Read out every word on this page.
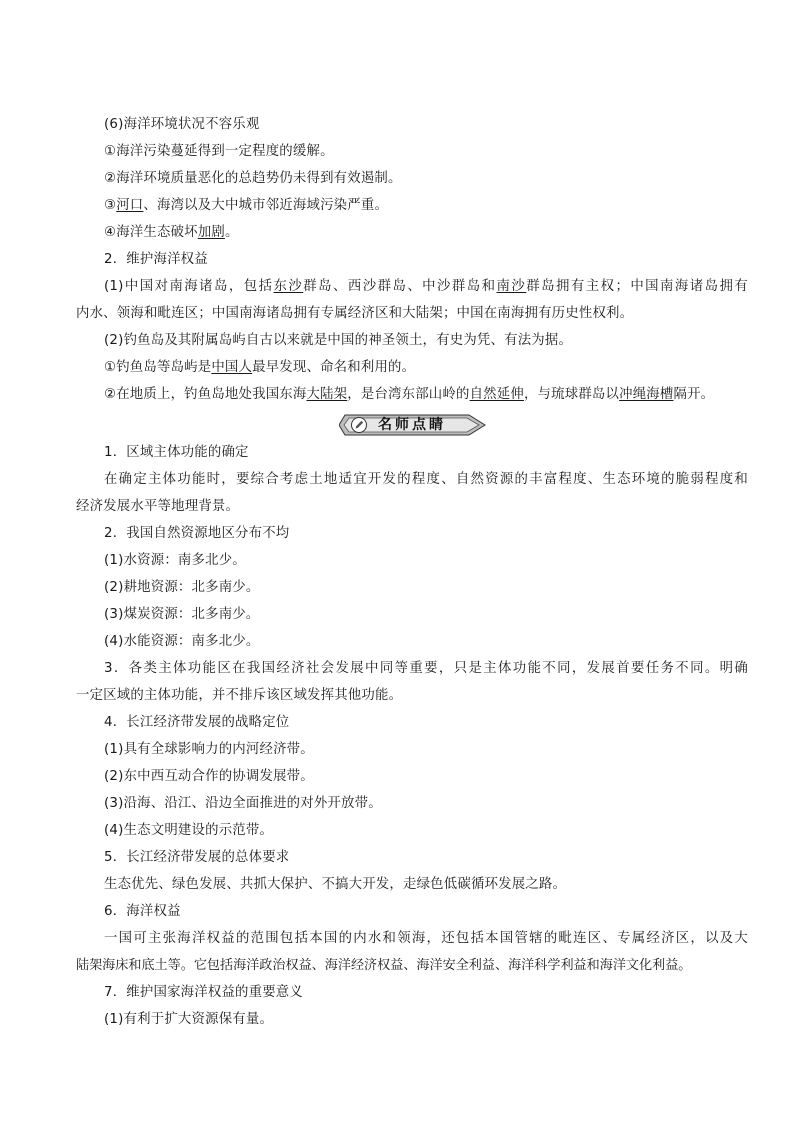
(6)海洋环境状况不容乐观
①海洋污染蔓延得到一定程度的缓解。
②海洋环境质量恶化的总趋势仍未得到有效遏制。
③河口、海湾以及大中城市邻近海域污染严重。
④海洋生态破坏加剧。
2．维护海洋权益
(1)中国对南海诸岛，包括东沙群岛、西沙群岛、中沙群岛和南沙群岛拥有主权；中国南海诸岛拥有
内水、领海和毗连区；中国南海诸岛拥有专属经济区和大陆架；中国在南海拥有历史性权利。
(2)钓鱼岛及其附属岛屿自古以来就是中国的神圣领土，有史为凭、有法为据。
①钓鱼岛等岛屿是中国人最早发现、命名和利用的。
②在地质上，钓鱼岛地处我国东海大陆架，是台湾东部山岭的自然延伸，与琉球群岛以冲绳海槽隔开。
名师点睛
1．区域主体功能的确定
在确定主体功能时，要综合考虑土地适宜开发的程度、自然资源的丰富程度、生态环境的脆弱程度和
经济发展水平等地理背景。
2．我国自然资源地区分布不均
(1)水资源：南多北少。
(2)耕地资源：北多南少。
(3)煤炭资源：北多南少。
(4)水能资源：南多北少。
3．各类主体功能区在我国经济社会发展中同等重要，只是主体功能不同，发展首要任务不同。明确
一定区域的主体功能，并不排斥该区域发挥其他功能。
4．长江经济带发展的战略定位
(1)具有全球影响力的内河经济带。
(2)东中西互动合作的协调发展带。
(3)沿海、沿江、沿边全面推进的对外开放带。
(4)生态文明建设的示范带。
5．长江经济带发展的总体要求
生态优先、绿色发展、共抓大保护、不搞大开发，走绿色低碳循环发展之路。
6．海洋权益
一国可主张海洋权益的范围包括本国的内水和领海，还包括本国管辖的毗连区、专属经济区，以及大
陆架海床和底土等。它包括海洋政治权益、海洋经济权益、海洋安全利益、海洋科学利益和海洋文化利益。
7．维护国家海洋权益的重要意义
(1)有利于扩大资源保有量。
